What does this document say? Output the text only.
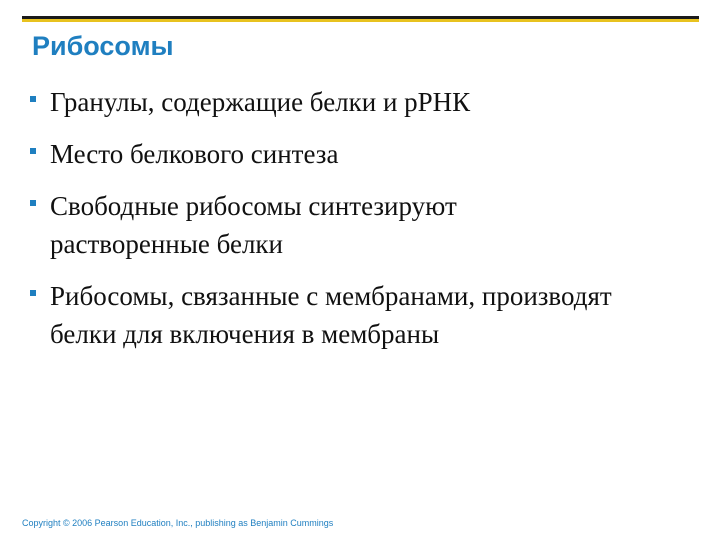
Рибосомы
Гранулы, содержащие белки и рРНК
Место белкового синтеза
Свободные рибосомы синтезируют растворенные белки
Рибосомы, связанные с мембранами, производят белки для включения в мембраны
Copyright © 2006 Pearson Education, Inc., publishing as Benjamin Cummings
